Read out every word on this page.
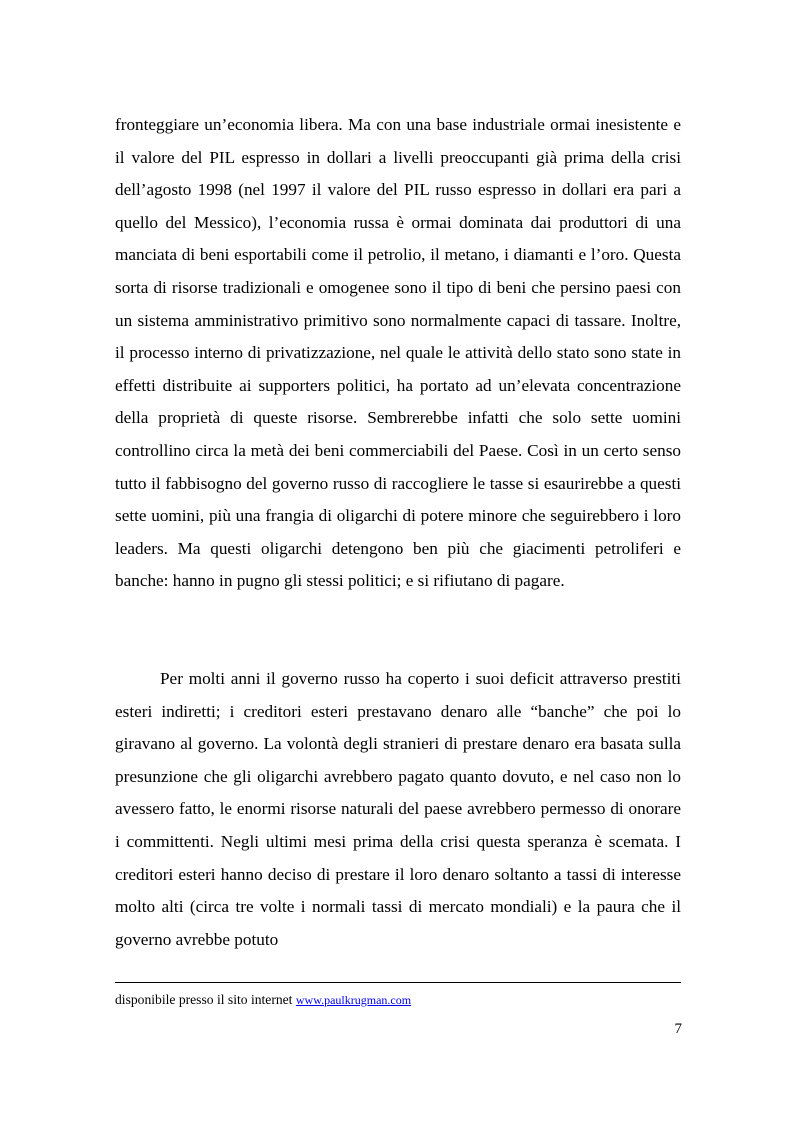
fronteggiare un’economia libera. Ma con una base industriale ormai inesistente e il valore del PIL espresso in dollari a livelli preoccupanti già prima della crisi dell’agosto 1998 (nel 1997 il valore del PIL russo espresso in dollari era pari a quello del Messico), l’economia russa è ormai dominata dai produttori di una manciata di beni esportabili come il petrolio, il metano, i diamanti e l’oro. Questa sorta di risorse tradizionali e omogenee sono il tipo di beni che persino paesi con un sistema amministrativo primitivo sono normalmente capaci di tassare. Inoltre, il processo interno di privatizzazione, nel quale le attività dello stato sono state in effetti distribuite ai supporters politici, ha portato ad un’elevata concentrazione della proprietà di queste risorse. Sembrerebbe infatti che solo sette uomini controllino circa la metà dei beni commerciabili del Paese. Così in un certo senso tutto il fabbisogno del governo russo di raccogliere le tasse si esaurirebbe a questi sette uomini, più una frangia di oligarchi di potere minore che seguirebbero i loro leaders. Ma questi oligarchi detengono ben più che giacimenti petroliferi e banche: hanno in pugno gli stessi politici; e si rifiutano di pagare.

Per molti anni il governo russo ha coperto i suoi deficit attraverso prestiti esteri indiretti; i creditori esteri prestavano denaro alle “banche” che poi lo giravano al governo. La volontà degli stranieri di prestare denaro era basata sulla presunzione che gli oligarchi avrebbero pagato quanto dovuto, e nel caso non lo avessero fatto, le enormi risorse naturali del paese avrebbero permesso di onorare i committenti. Negli ultimi mesi prima della crisi questa speranza è scemata. I creditori esteri hanno deciso di prestare il loro denaro soltanto a tassi di interesse molto alti (circa tre volte i normali tassi di mercato mondiali) e la paura che il governo avrebbe potuto

disponibile presso il sito internet www.paulkrugman.com

7
